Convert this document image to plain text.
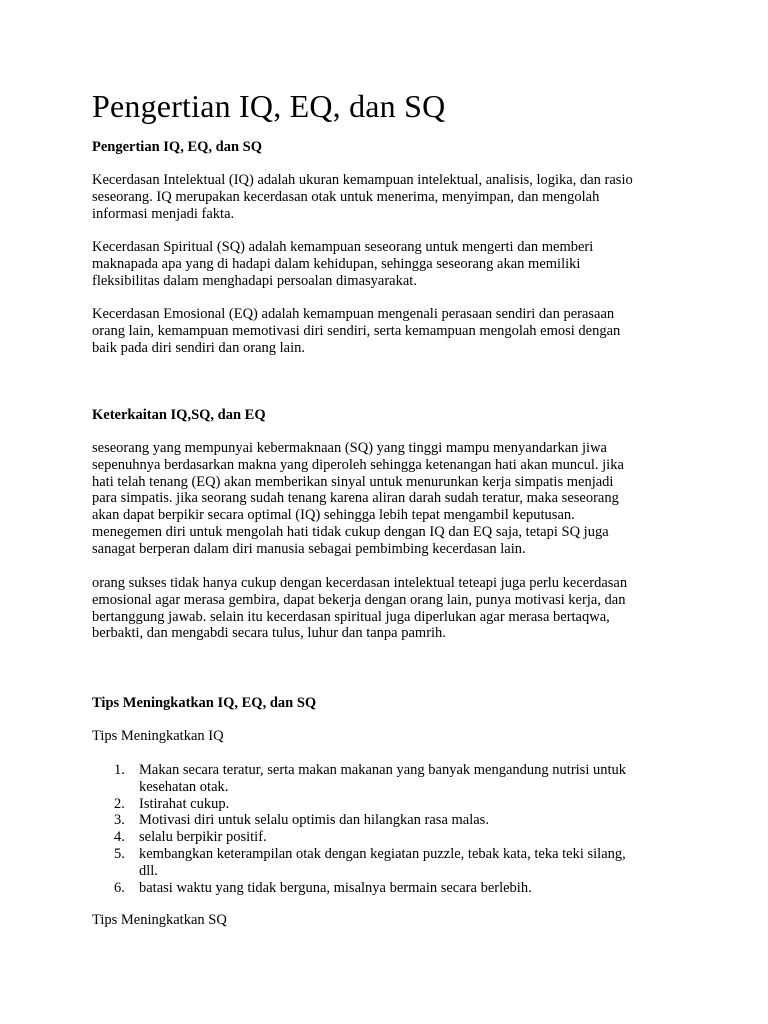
Pengertian IQ, EQ, dan SQ

Pengertian IQ, EQ, dan SQ

Kecerdasan Intelektual (IQ) adalah ukuran kemampuan intelektual, analisis, logika, dan rasio
seseorang. IQ merupakan kecerdasan otak untuk menerima, menyimpan, dan mengolah
informasi menjadi fakta.

Kecerdasan Spiritual (SQ) adalah kemampuan seseorang untuk mengerti dan memberi
maknapada apa yang di hadapi dalam kehidupan, sehingga seseorang akan memiliki
fleksibilitas dalam menghadapi persoalan dimasyarakat.

Kecerdasan Emosional (EQ) adalah kemampuan mengenali perasaan sendiri dan perasaan
orang lain, kemampuan memotivasi diri sendiri, serta kemampuan mengolah emosi dengan
baik pada diri sendiri dan orang lain.

Keterkaitan IQ,SQ, dan EQ

seseorang yang mempunyai kebermaknaan (SQ) yang tinggi mampu menyandarkan jiwa
sepenuhnya berdasarkan makna yang diperoleh sehingga ketenangan hati akan muncul. jika
hati telah tenang (EQ) akan memberikan sinyal untuk menurunkan kerja simpatis menjadi
para simpatis. jika seorang sudah tenang karena aliran darah sudah teratur, maka seseorang
akan dapat berpikir secara optimal (IQ) sehingga lebih tepat mengambil keputusan.
menegemen diri untuk mengolah hati tidak cukup dengan IQ dan EQ saja, tetapi SQ juga
sanagat berperan dalam diri manusia sebagai pembimbing kecerdasan lain.

orang sukses tidak hanya cukup dengan kecerdasan intelektual teteapi juga perlu kecerdasan
emosional agar merasa gembira, dapat bekerja dengan orang lain, punya motivasi kerja, dan
bertanggung jawab. selain itu kecerdasan spiritual juga diperlukan agar merasa bertaqwa,
berbakti, dan mengabdi secara tulus, luhur dan tanpa pamrih.

Tips Meningkatkan IQ, EQ, dan SQ

Tips Meningkatkan IQ

1. Makan secara teratur, serta makan makanan yang banyak mengandung nutrisi untuk
kesehatan otak.
2. Istirahat cukup.
3. Motivasi diri untuk selalu optimis dan hilangkan rasa malas.
4. selalu berpikir positif.
5. kembangkan keterampilan otak dengan kegiatan puzzle, tebak kata, teka teki silang,
dll.
6. batasi waktu yang tidak berguna, misalnya bermain secara berlebih.

Tips Meningkatkan SQ
